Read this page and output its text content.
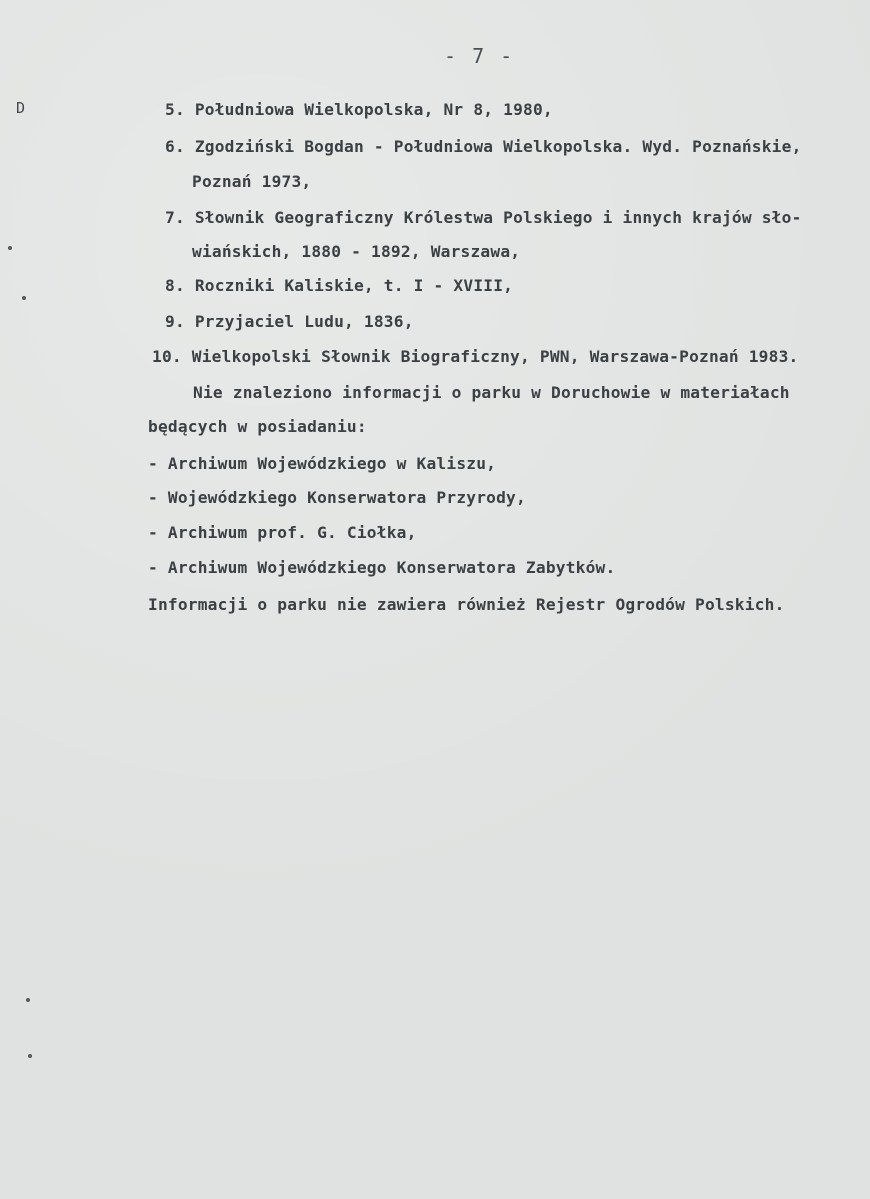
- 7 -
D	5. Południowa Wielkopolska, Nr 8, 1980,
6. Zgodziński Bogdan - Południowa Wielkopolska. Wyd. Poznańskie,
Poznań 1973,
7. Słownik Geograficzny Królestwa Polskiego i innych krajów sło-
wiańskich, 1880 - 1892, Warszawa,
8. Roczniki Kaliskie, t. I - XVIII,
9. Przyjaciel Ludu, 1836,
10. Wielkopolski Słownik Biograficzny, PWN, Warszawa-Poznań 1983.
Nie znaleziono informacji o parku w Doruchowie w materiałach
będących w posiadaniu:
- Archiwum Wojewódzkiego w Kaliszu,
- Wojewódzkiego Konserwatora Przyrody,
- Archiwum prof. G. Ciołka,
- Archiwum Wojewódzkiego Konserwatora Zabytków.
Informacji o parku nie zawiera również Rejestr Ogrodów Polskich.
